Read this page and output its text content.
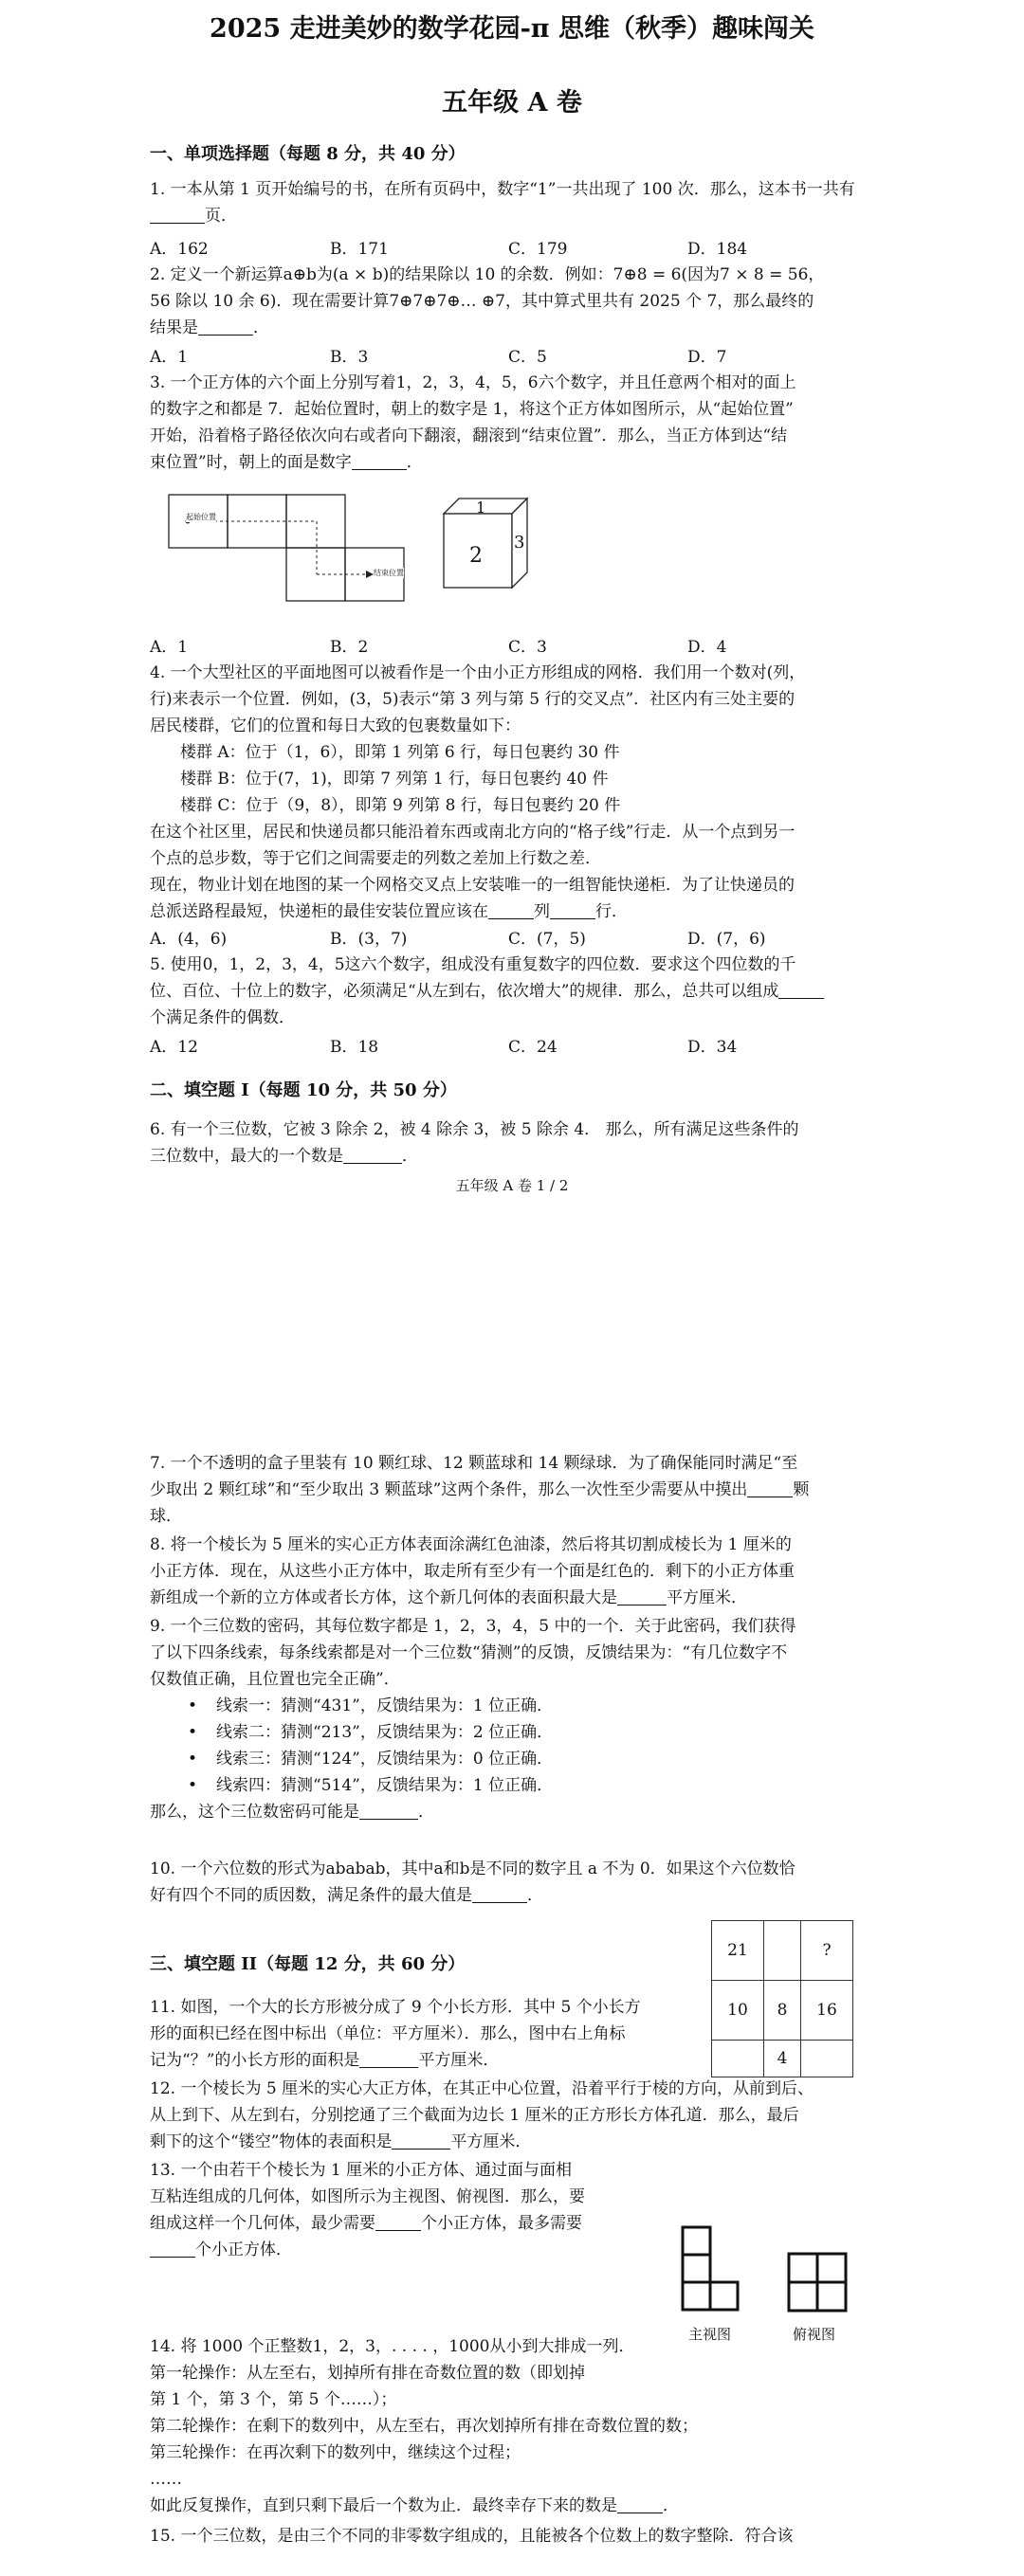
2025 走进美妙的数学花园-π 思维（秋季）趣味闯关
五年级 A 卷
一、单项选择题（每题 8 分，共 40 分）
1. 一本从第 1 页开始编号的书，在所有页码中，数字“1”一共出现了 100 次．那么，这本书一共有页．
A．162	B．171	C．179	D．184
2. 定义一个新运算a⊕b为(a × b)的结果除以 10 的余数．例如：7⊕8 = 6(因为7 × 8 = 56，
56 除以 10 余 6)．现在需要计算7⊕7⊕7⊕… ⊕7，其中算式里共有 2025 个 7，那么最终的
结果是	．
A．1	B．3	C．5	D．7
3. 一个正方体的六个面上分别写着1，2，3，4，5，6六个数字，并且任意两个相对的面上
的数字之和都是 7．起始位置时，朝上的数字是 1，将这个正方体如图所示，从“起始位置”
开始，沿着格子路径依次向右或者向下翻滚，翻滚到“结束位置”．那么，当正方体到达“结
束位置”时，朝上的面是数字	．
起始位置
结束位置
1
2
3
A．1	B．2	C．3	D．4
4. 一个大型社区的平面地图可以被看作是一个由小正方形组成的网格．我们用一个数对(列，
行)来表示一个位置．例如，(3，5)表示“第 3 列与第 5 行的交叉点”．社区内有三处主要的
居民楼群，它们的位置和每日大致的包裹数量如下：
楼群 A：位于（1，6），即第 1 列第 6 行，每日包裹约 30 件
楼群 B：位于(7，1)，即第 7 列第 1 行，每日包裹约 40 件
楼群 C：位于（9，8），即第 9 列第 8 行，每日包裹约 20 件
在这个社区里，居民和快递员都只能沿着东西或南北方向的“格子线”行走．从一个点到另一
个点的总步数，等于它们之间需要走的列数之差加上行数之差．
现在，物业计划在地图的某一个网格交叉点上安装唯一的一组智能快递柜．为了让快递员的
总派送路程最短，快递柜的最佳安装位置应该在	列	行．
A．(4，6)	B．(3，7)	C．(7，5)	D．(7，6)
5. 使用0，1，2，3，4，5这六个数字，组成没有重复数字的四位数．要求这个四位数的千
位、百位、十位上的数字，必须满足“从左到右，依次增大”的规律．那么，总共可以组成
个满足条件的偶数．
A．12	B．18	C．24	D．34
二、填空题 I（每题 10 分，共 50 分）
6. 有一个三位数，它被 3 除余 2，被 4 除余 3，被 5 除余 4． 那么，所有满足这些条件的
三位数中，最大的一个数是	．
五年级 A 卷 1 / 2
7. 一个不透明的盒子里装有 10 颗红球、12 颗蓝球和 14 颗绿球．为了确保能同时满足“至
少取出 2 颗红球”和“至少取出 3 颗蓝球”这两个条件，那么一次性至少需要从中摸出	颗
球．
8. 将一个棱长为 5 厘米的实心正方体表面涂满红色油漆，然后将其切割成棱长为 1 厘米的
小正方体．现在，从这些小正方体中，取走所有至少有一个面是红色的．剩下的小正方体重
新组成一个新的立方体或者长方体，这个新几何体的表面积最大是	平方厘米．
9. 一个三位数的密码，其每位数字都是 1，2，3，4，5 中的一个．关于此密码，我们获得
了以下四条线索，每条线索都是对一个三位数“猜测”的反馈，反馈结果为：“有几位数字不
仅数值正确，且位置也完全正确”．
• 线索一：猜测“431”，反馈结果为：1 位正确．
• 线索二：猜测“213”，反馈结果为：2 位正确．
• 线索三：猜测“124”，反馈结果为：0 位正确．
• 线索四：猜测“514”，反馈结果为：1 位正确．
那么，这个三位数密码可能是	．
10. 一个六位数的形式为ababab，其中a和b是不同的数字且 a 不为 0．如果这个六位数恰
好有四个不同的质因数，满足条件的最大值是	．
三、填空题 II（每题 12 分，共 60 分）
21		?
10	8	16
	4	
11. 如图，一个大的长方形被分成了 9 个小长方形．其中 5 个小长方
形的面积已经在图中标出（单位：平方厘米）．那么，图中右上角标
记为“？”的小长方形的面积是	平方厘米．
12. 一个棱长为 5 厘米的实心大正方体，在其正中心位置，沿着平行于棱的方向，从前到后、
从上到下、从左到右，分别挖通了三个截面为边长 1 厘米的正方形长方体孔道．那么，最后
剩下的这个“镂空”物体的表面积是	平方厘米．
13. 一个由若干个棱长为 1 厘米的小正方体、通过面与面相
互粘连组成的几何体，如图所示为主视图、俯视图．那么，要
组成这样一个几何体，最少需要	个小正方体，最多需要
个小正方体．
主视图	俯视图
14. 将 1000 个正整数1，2，3，. . . . ，1000从小到大排成一列．
第一轮操作：从左至右，划掉所有排在奇数位置的数（即划掉
第 1 个，第 3 个，第 5 个……）；
第二轮操作：在剩下的数列中，从左至右，再次划掉所有排在奇数位置的数；
第三轮操作：在再次剩下的数列中，继续这个过程；
……
如此反复操作，直到只剩下最后一个数为止．最终幸存下来的数是	．
15. 一个三位数，是由三个不同的非零数字组成的，且能被各个位数上的数字整除．符合该
